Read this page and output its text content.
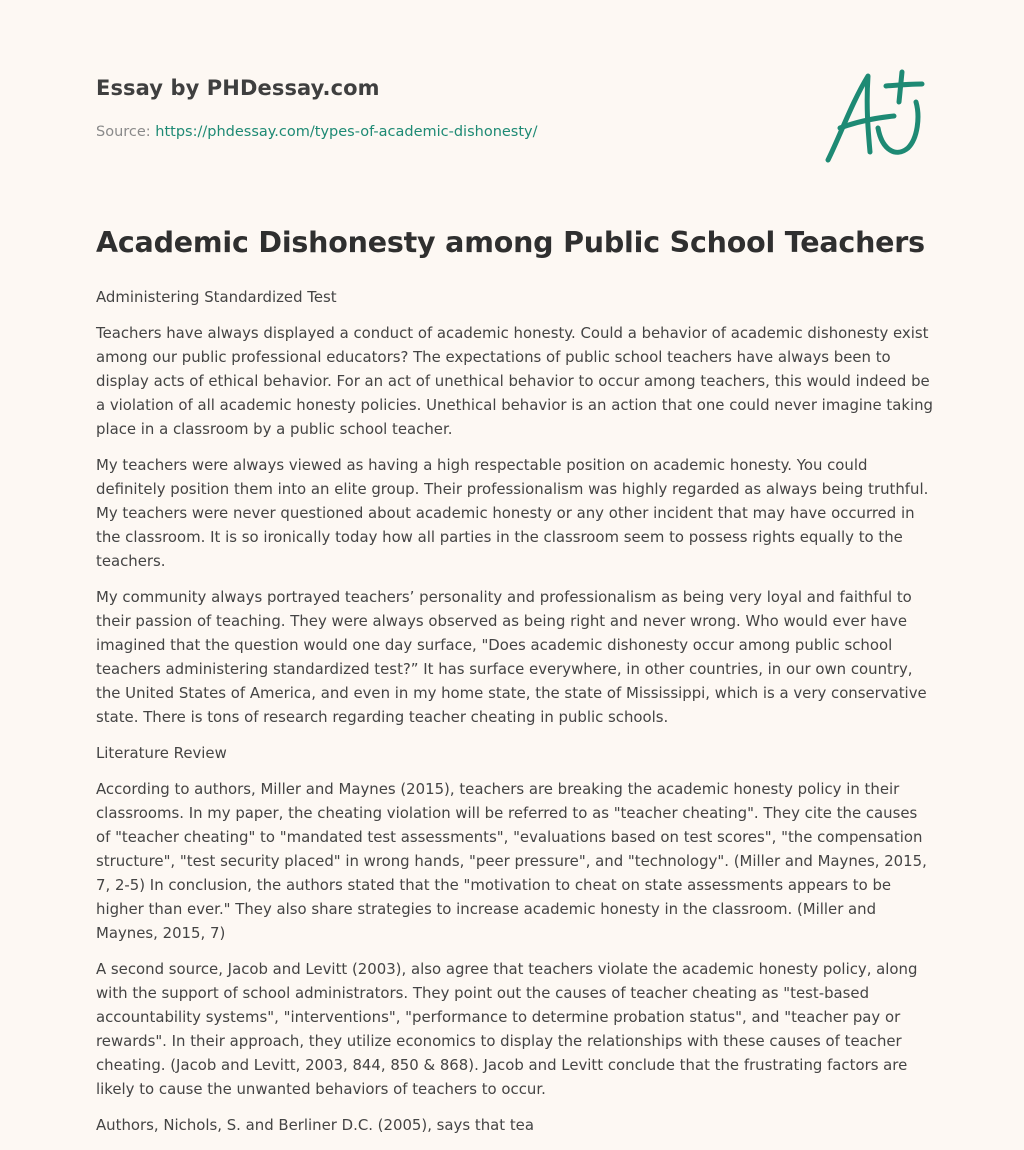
Essay by PHDessay.com
Source: https://phdessay.com/types-of-academic-dishonesty/
Academic Dishonesty among Public School Teachers

Administering Standardized Test

Teachers have always displayed a conduct of academic honesty. Could a behavior of academic dishonesty exist among our public professional educators? The expectations of public school teachers have always been to display acts of ethical behavior. For an act of unethical behavior to occur among teachers, this would indeed be a violation of all academic honesty policies. Unethical behavior is an action that one could never imagine taking place in a classroom by a public school teacher.

My teachers were always viewed as having a high respectable position on academic honesty. You could definitely position them into an elite group. Their professionalism was highly regarded as always being truthful. My teachers were never questioned about academic honesty or any other incident that may have occurred in the classroom. It is so ironically today how all parties in the classroom seem to possess rights equally to the teachers.

My community always portrayed teachers’ personality and professionalism as being very loyal and faithful to their passion of teaching. They were always observed as being right and never wrong. Who would ever have imagined that the question would one day surface, "Does academic dishonesty occur among public school teachers administering standardized test?” It has surface everywhere, in other countries, in our own country, the United States of America, and even in my home state, the state of Mississippi, which is a very conservative state. There is tons of research regarding teacher cheating in public schools.

Literature Review

According to authors, Miller and Maynes (2015), teachers are breaking the academic honesty policy in their classrooms. In my paper, the cheating violation will be referred to as "teacher cheating". They cite the causes of "teacher cheating" to "mandated test assessments", "evaluations based on test scores", "the compensation structure", "test security placed" in wrong hands, "peer pressure", and "technology". (Miller and Maynes, 2015, 7, 2-5) In conclusion, the authors stated that the "motivation to cheat on state assessments appears to be higher than ever." They also share strategies to increase academic honesty in the classroom. (Miller and Maynes, 2015, 7)

A second source, Jacob and Levitt (2003), also agree that teachers violate the academic honesty policy, along with the support of school administrators. They point out the causes of teacher cheating as "test-based accountability systems", "interventions", "performance to determine probation status", and "teacher pay or rewards". In their approach, they utilize economics to display the relationships with these causes of teacher cheating. (Jacob and Levitt, 2003, 844, 850 & 868). Jacob and Levitt conclude that the frustrating factors are likely to cause the unwanted behaviors of teachers to occur.

Authors, Nichols, S. and Berliner D.C. (2005), says that tea
